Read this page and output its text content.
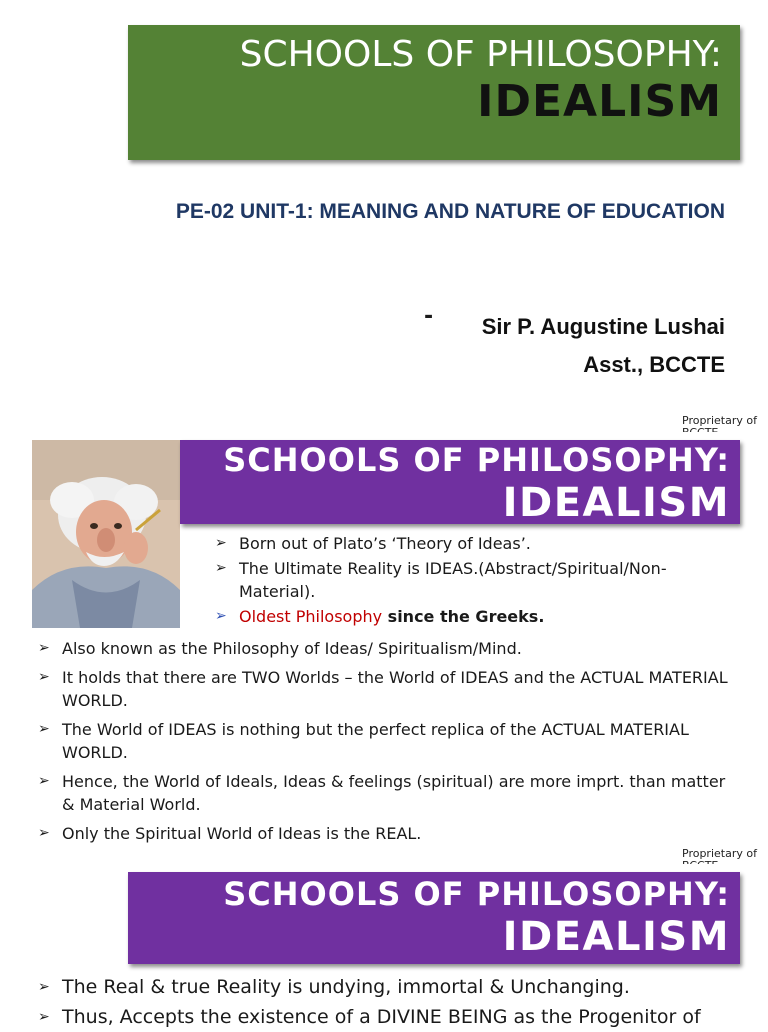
SCHOOLS OF PHILOSOPHY:
IDEALISM
PE-02 UNIT-1: MEANING AND NATURE OF EDUCATION
- Sir P. Augustine Lushai
Asst., BCCTE
Proprietary of
SCHOOLS OF PHILOSOPHY:
IDEALISM
➢ Born out of Plato’s ‘Theory of Ideas’.
➢ The Ultimate Reality is IDEAS.(Abstract/Spiritual/Non-Material).
➢ Oldest Philosophy since the Greeks.
➢ Also known as the Philosophy of Ideas/ Spiritualism/Mind.
➢ It holds that there are TWO Worlds – the World of IDEAS and the ACTUAL MATERIAL WORLD.
➢ The World of IDEAS is nothing but the perfect replica of the ACTUAL MATERIAL WORLD.
➢ Hence, the World of Ideals, Ideas & feelings (spiritual) are more imprt. than matter & Material World.
➢ Only the Spiritual World of Ideas is the REAL.
Proprietary of
SCHOOLS OF PHILOSOPHY:
IDEALISM
➢ The Real & true Reality is undying, immortal & Unchanging.
➢ Thus, Accepts the existence of a DIVINE BEING as the Progenitor of
